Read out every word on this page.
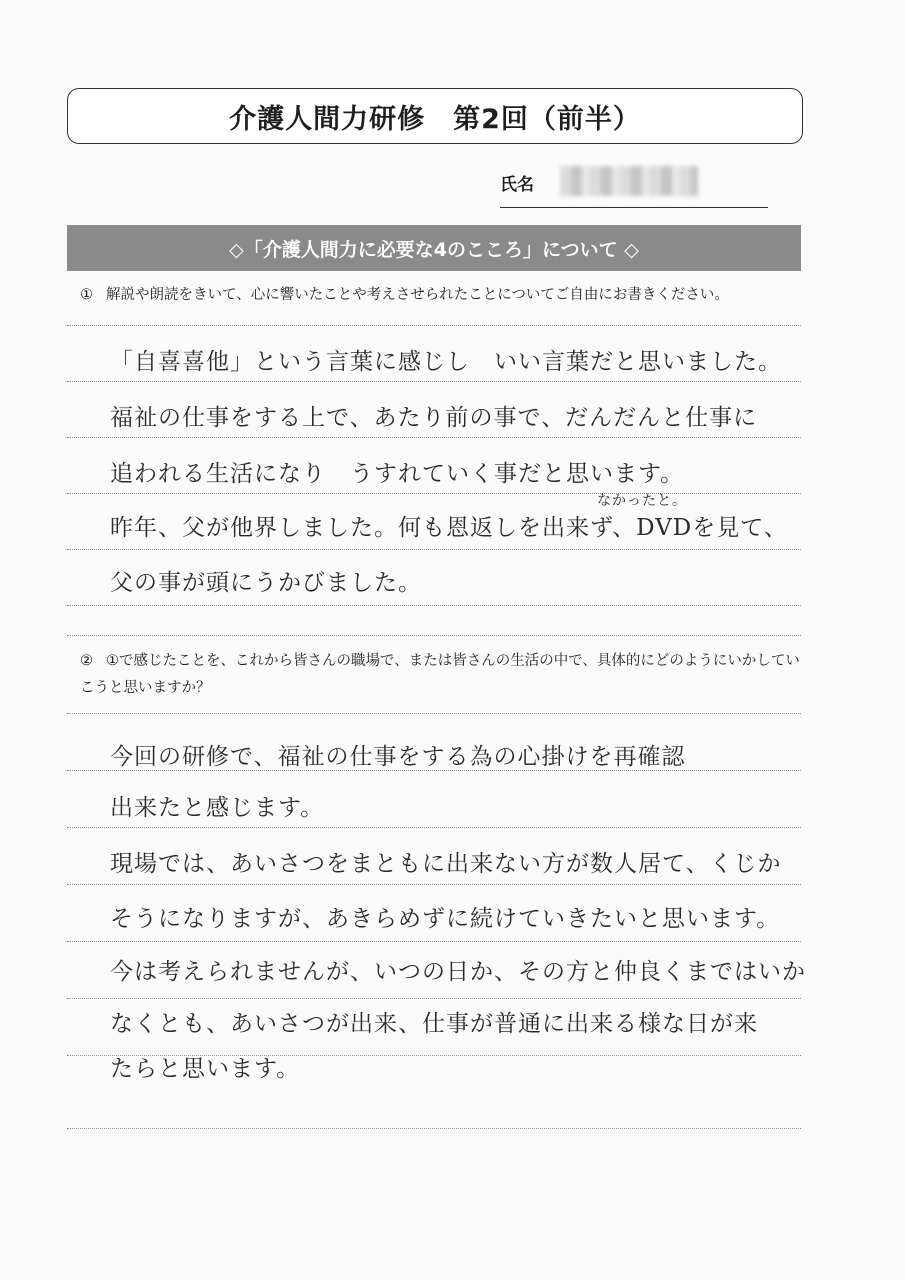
介護人間力研修　第2回（前半）
氏名
◇「介護人間力に必要な4のこころ」について ◇
① 解説や朗読をきいて、心に響いたことや考えさせられたことについてご自由にお書きください。
「自喜喜他」という言葉に感じし　いい言葉だと思いました。
福祉の仕事をする上で、あたり前の事で、だんだんと仕事に
追われる生活になり　うすれていく事だと思います。
昨年、父が他界しました。何も恩返しを出来ず、DVDを見て、
父の事が頭にうかびました。
なかったと。
② ①で感じたことを、これから皆さんの職場で、または皆さんの生活の中で、具体的にどのようにいかしていこうと思いますか？
今回の研修で、福祉の仕事をする為の心掛けを再確認
出来たと感じます。
現場では、あいさつをまともに出来ない方が数人居て、くじか
そうになりますが、あきらめずに続けていきたいと思います。
今は考えられませんが、いつの日か、その方と仲良くまではいか
なくとも、あいさつが出来、仕事が普通に出来る様な日が来
たらと思います。
